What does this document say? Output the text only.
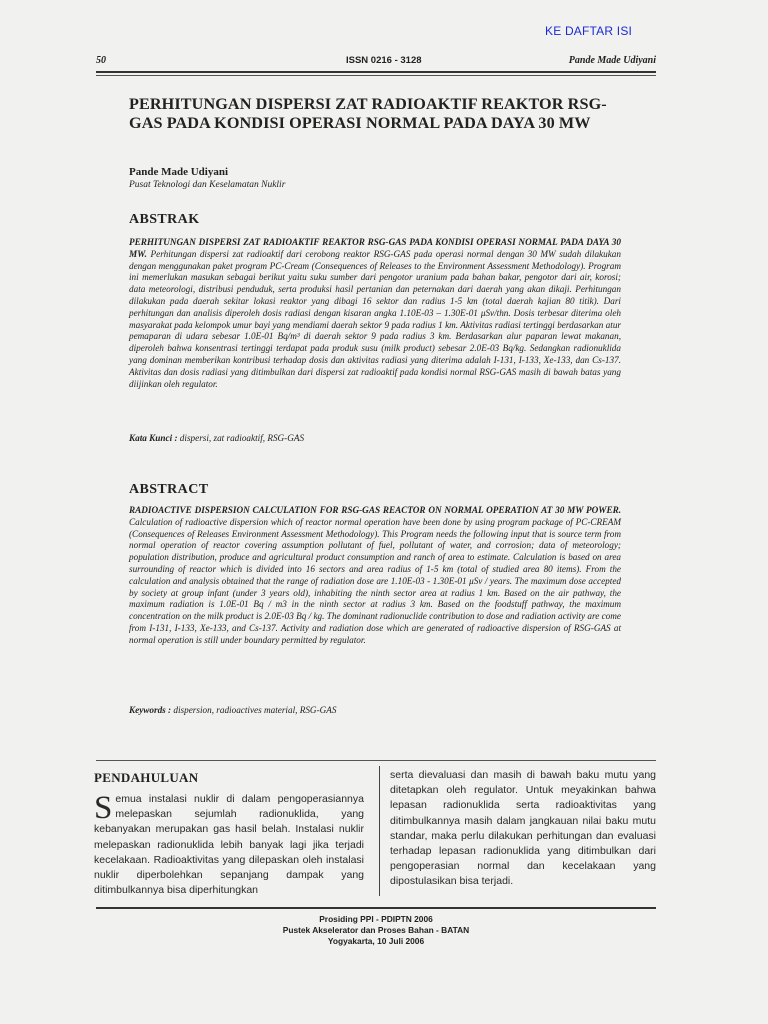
KE DAFTAR ISI
50	ISSN 0216 - 3128	Pande Made Udiyani
PERHITUNGAN DISPERSI ZAT RADIOAKTIF REAKTOR RSG-GAS PADA KONDISI OPERASI NORMAL PADA DAYA 30 MW

Pande Made Udiyani

Pusat Teknologi dan Keselamatan Nuklir

ABSTRAK

PERHITUNGAN DISPERSI ZAT RADIOAKTIF REAKTOR RSG-GAS PADA KONDISI OPERASI NORMAL PADA DAYA 30 MW. Perhitungan dispersi zat radioaktif dari cerobong reaktor RSG-GAS pada operasi normal dengan 30 MW sudah dilakukan dengan menggunakan paket program PC-Cream (Consequences of Releases to the Environment Assessment Methodology). Program ini memerlukan masukan sebagai berikut yaitu suku sumber dari pengotor uranium pada bahan bakar, pengotor dari air, korosi; data meteorologi, distribusi penduduk, serta produksi hasil pertanian dan peternakan dari daerah yang akan dikaji. Perhitungan dilakukan pada daerah sekitar lokasi reaktor yang dibagi 16 sektor dan radius 1-5 km (total daerah kajian 80 titik). Dari perhitungan dan analisis diperoleh dosis radiasi dengan kisaran angka 1.10E-03 – 1.30E-01 μSv/thn. Dosis terbesar diterima oleh masyarakat pada kelompok umur bayi yang mendiami daerah sektor 9 pada radius 1 km. Aktivitas radiasi tertinggi berdasarkan atur pemaparan di udara sebesar 1.0E-01 Bq/m³ di daerah sektor 9 pada radius 3 km. Berdasarkan alur paparan lewat makanan, diperoleh bahwa konsentrasi tertinggi terdapat pada produk susu (milk product) sebesar 2.0E-03 Bq/kg. Sedangkan radionuklida yang dominan memberikan kontribusi terhadap dosis dan aktivitas radiasi yang diterima adalah I-131, I-133, Xe-133, dan Cs-137. Aktivitas dan dosis radiasi yang ditimbulkan dari dispersi zat radioaktif pada kondisi normal RSG-GAS masih di bawah batas yang diijinkan oleh regulator.

Kata Kunci : dispersi, zat radioaktif, RSG-GAS

ABSTRACT

RADIOACTIVE DISPERSION CALCULATION FOR RSG-GAS REACTOR ON NORMAL OPERATION AT 30 MW POWER. Calculation of radioactive dispersion which of reactor normal operation have been done by using program package of PC-CREAM (Consequences of Releases Environment Assessment Methodology). This Program needs the following input that is source term from normal operation of reactor covering assumption pollutant of fuel, pollutant of water, and corrosion; data of meteorology; population distribution, produce and agricultural product consumption and ranch of area to estimate. Calculation is based on area surrounding of reactor which is divided into 16 sectors and area radius of 1-5 km (total of studied area 80 items). From the calculation and analysis obtained that the range of radiation dose are 1.10E-03 - 1.30E-01 μSv / years. The maximum dose accepted by society at group infant (under 3 years old), inhabiting the ninth sector area at radius 1 km. Based on the air pathway, the maximum radiation is 1.0E-01 Bq / m3 in the ninth sector at radius 3 km. Based on the foodstuff pathway, the maximum concentration on the milk product is 2.0E-03 Bq / kg. The dominant radionuclide contribution to dose and radiation activity are come from I-131, I-133, Xe-133, and Cs-137. Activity and radiation dose which are generated of radioactive dispersion of RSG-GAS at normal operation is still under boundary permitted by regulator.

Keywords : dispersion, radioactives material, RSG-GAS

PENDAHULUAN

Semua instalasi nuklir di dalam pengoperasiannya melepaskan sejumlah radionuklida, yang kebanyakan merupakan gas hasil belah. Instalasi nuklir melepaskan radionuklida lebih banyak lagi jika terjadi kecelakaan. Radioaktivitas yang dilepaskan oleh instalasi nuklir diperbolehkan sepanjang dampak yang ditimbulkannya bisa diperhitungkan

serta dievaluasi dan masih di bawah baku mutu yang ditetapkan oleh regulator. Untuk meyakinkan bahwa lepasan radionuklida serta radioaktivitas yang ditimbulkannya masih dalam jangkauan nilai baku mutu standar, maka perlu dilakukan perhitungan dan evaluasi terhadap lepasan radionuklida yang ditimbulkan dari pengoperasian normal dan kecelakaan yang dipostulasikan bisa terjadi.

Prosiding PPI - PDIPTN 2006
Pustek Akselerator dan Proses Bahan - BATAN
Yogyakarta, 10 Juli 2006
